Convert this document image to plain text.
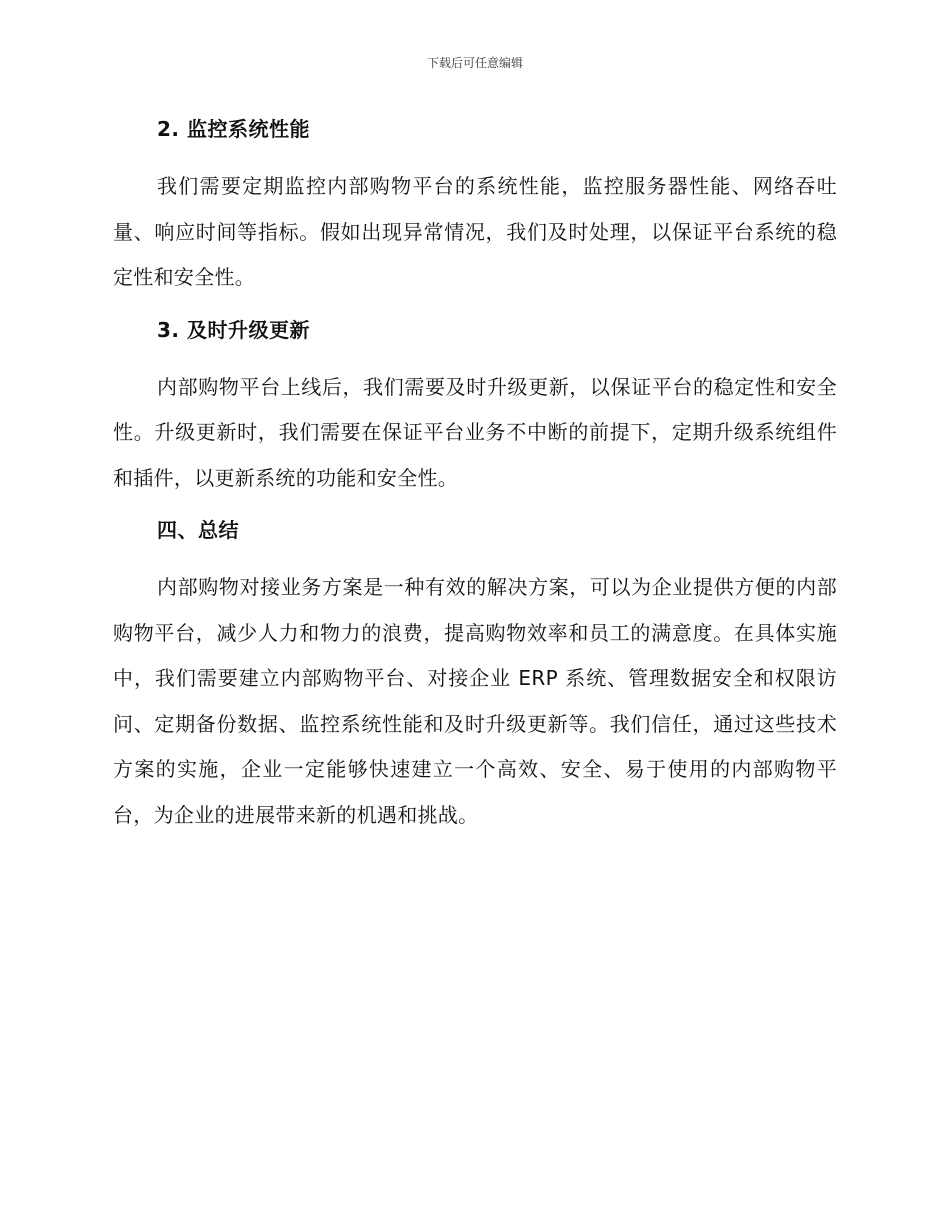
下载后可任意编辑
2. 监控系统性能

我们需要定期监控内部购物平台的系统性能，监控服务器性能、网络吞吐量、响应时间等指标。假如出现异常情况，我们及时处理，以保证平台系统的稳定性和安全性。

3. 及时升级更新

内部购物平台上线后，我们需要及时升级更新，以保证平台的稳定性和安全性。升级更新时，我们需要在保证平台业务不中断的前提下，定期升级系统组件和插件，以更新系统的功能和安全性。

四、总结

内部购物对接业务方案是一种有效的解决方案，可以为企业提供方便的内部购物平台，减少人力和物力的浪费，提高购物效率和员工的满意度。在具体实施中，我们需要建立内部购物平台、对接企业 ERP 系统、管理数据安全和权限访问、定期备份数据、监控系统性能和及时升级更新等。我们信任，通过这些技术方案的实施，企业一定能够快速建立一个高效、安全、易于使用的内部购物平台，为企业的进展带来新的机遇和挑战。
